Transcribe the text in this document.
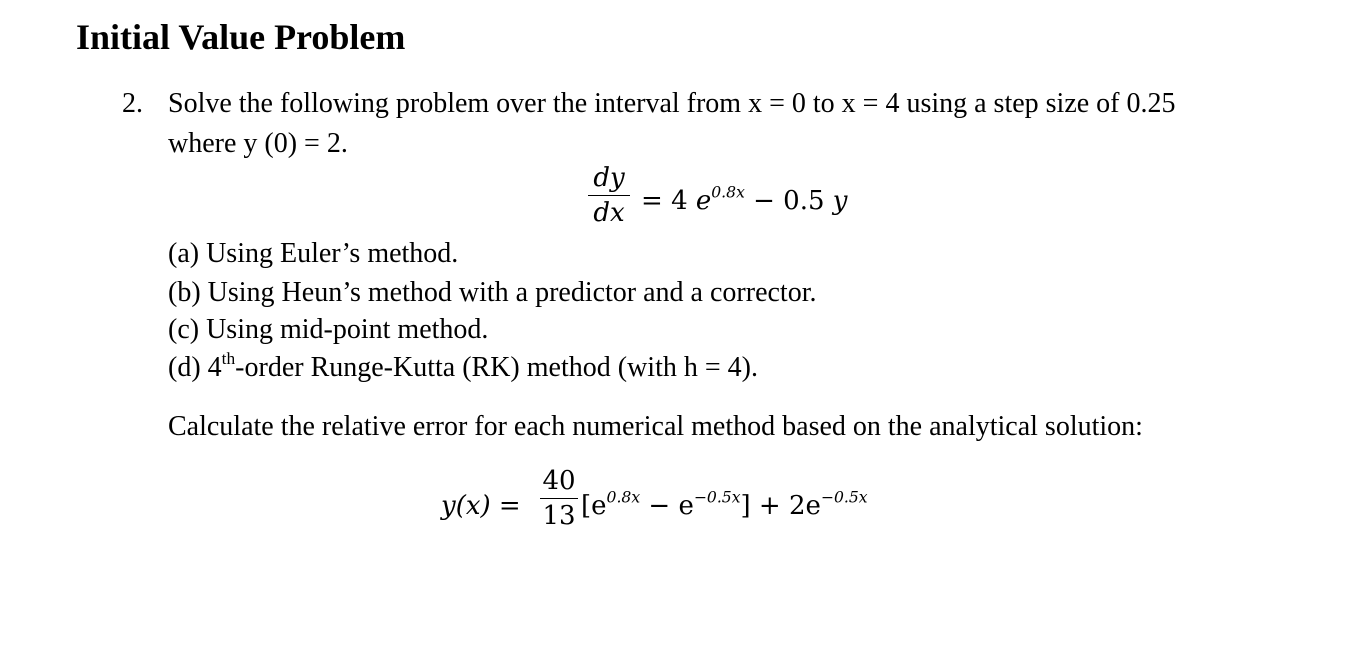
Initial Value Problem
2. Solve the following problem over the interval from x = 0 to x = 4 using a step size of 0.25
where y (0) = 2.
dy
dx = 4 $e^{0.8x} - 0.5$ y
(a) Using Euler’s method.
(b) Using Heun’s method with a predictor and a corrector.
(c) Using mid-point method.
(d) 4th-order Runge-Kutta (RK) method (with h = 4).
Calculate the relative error for each numerical method based on the analytical solution:
y(x) =
40
13 $[e^{0.8x} - e^{-0.5x}] + 2e^{-0.5x}$
